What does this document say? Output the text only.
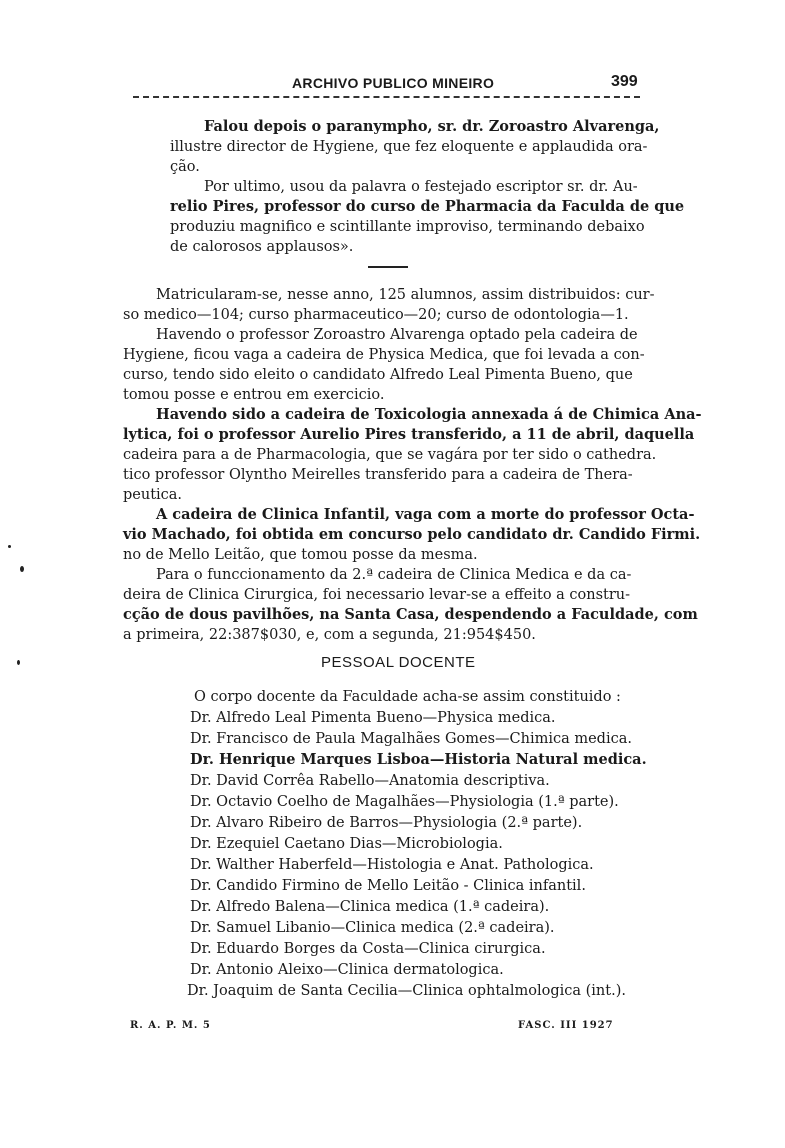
ARCHIVO PUBLICO MINEIRO	399
Falou depois o paranympho, sr. dr. Zoroastro Alvarenga,
illustre director de Hygiene, que fez eloquente e applaudida ora-
ção.
Por ultimo, usou da palavra o festejado escriptor sr. dr. Au-
relio Pires, professor do curso de Pharmacia da Faculda de que
produziu magnifico e scintillante improviso, terminando debaixo
de calorosos applausos».
Matricularam-se, nesse anno, 125 alumnos, assim distribuidos: cur-
so medico—104; curso pharmaceutico—20; curso de odontologia—1.
Havendo o professor Zoroastro Alvarenga optado pela cadeira de
Hygiene, ficou vaga a cadeira de Physica Medica, que foi levada a con-
curso, tendo sido eleito o candidato Alfredo Leal Pimenta Bueno, que
tomou posse e entrou em exercicio.
Havendo sido a cadeira de Toxicologia annexada á de Chimica Ana-
lytica, foi o professor Aurelio Pires transferido, a 11 de abril, daquella
cadeira para a de Pharmacologia, que se vagára por ter sido o cathedra.
tico professor Olyntho Meirelles transferido para a cadeira de Thera-
peutica.
A cadeira de Clinica Infantil, vaga com a morte do professor Octa-
vio Machado, foi obtida em concurso pelo candidato dr. Candido Firmi.
no de Mello Leitão, que tomou posse da mesma.
Para o funccionamento da 2.ª cadeira de Clinica Medica e da ca-
deira de Clinica Cirurgica, foi necessario levar-se a effeito a constru-
cção de dous pavilhões, na Santa Casa, despendendo a Faculdade, com
a primeira, 22:387$030, e, com a segunda, 21:954$450.
PESSOAL DOCENTE
O corpo docente da Faculdade acha-se assim constituido :
Dr. Alfredo Leal Pimenta Bueno—Physica medica.
Dr. Francisco de Paula Magalhães Gomes—Chimica medica.
Dr. Henrique Marques Lisboa—Historia Natural medica.
Dr. David Corrêa Rabello—Anatomia descriptiva.
Dr. Octavio Coelho de Magalhães—Physiologia (1.ª parte).
Dr. Alvaro Ribeiro de Barros—Physiologia (2.ª parte).
Dr. Ezequiel Caetano Dias—Microbiologia.
Dr. Walther Haberfeld—Histologia e Anat. Pathologica.
Dr. Candido Firmino de Mello Leitão - Clinica infantil.
Dr. Alfredo Balena—Clinica medica (1.ª cadeira).
Dr. Samuel Libanio—Clinica medica (2.ª cadeira).
Dr. Eduardo Borges da Costa—Clinica cirurgica.
Dr. Antonio Aleixo—Clinica dermatologica.
Dr. Joaquim de Santa Cecilia—Clinica ophtalmologica (int.).
R. A. P. M. 5	FASC. III 1927
